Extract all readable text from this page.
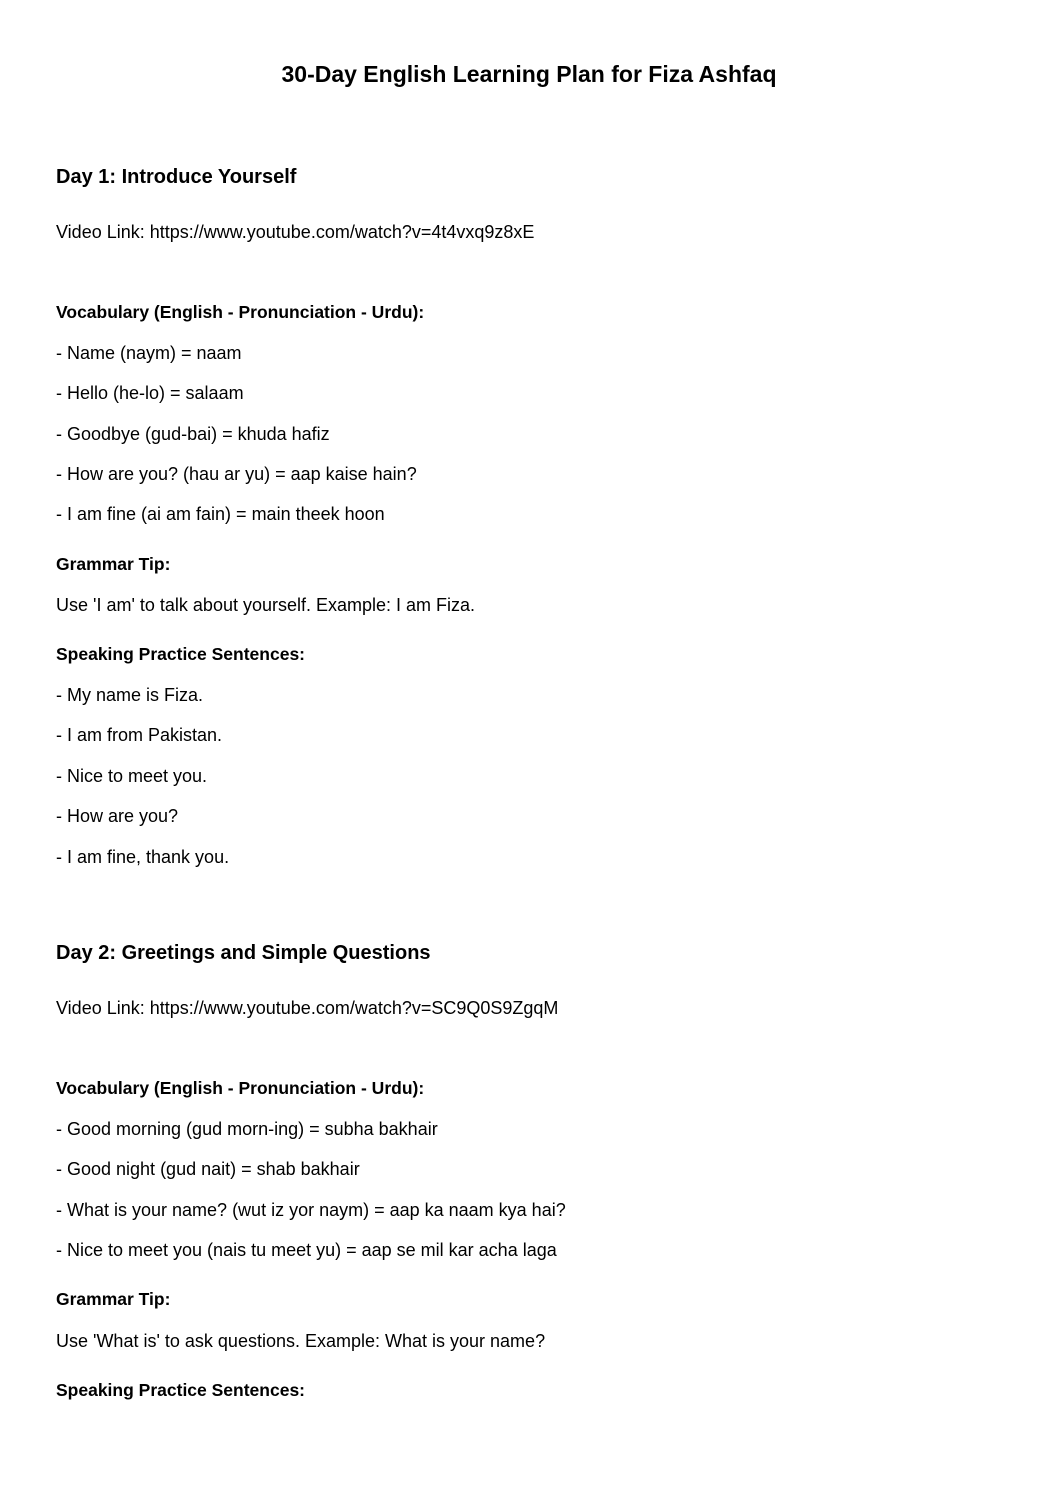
30-Day English Learning Plan for Fiza Ashfaq
Day 1: Introduce Yourself
Video Link: https://www.youtube.com/watch?v=4t4vxq9z8xE
Vocabulary (English - Pronunciation - Urdu):
- Name (naym) = naam
- Hello (he-lo) = salaam
- Goodbye (gud-bai) = khuda hafiz
- How are you? (hau ar yu) = aap kaise hain?
- I am fine (ai am fain) = main theek hoon
Grammar Tip:
Use 'I am' to talk about yourself. Example: I am Fiza.
Speaking Practice Sentences:
- My name is Fiza.
- I am from Pakistan.
- Nice to meet you.
- How are you?
- I am fine, thank you.
Day 2: Greetings and Simple Questions
Video Link: https://www.youtube.com/watch?v=SC9Q0S9ZgqM
Vocabulary (English - Pronunciation - Urdu):
- Good morning (gud morn-ing) = subha bakhair
- Good night (gud nait) = shab bakhair
- What is your name? (wut iz yor naym) = aap ka naam kya hai?
- Nice to meet you (nais tu meet yu) = aap se mil kar acha laga
Grammar Tip:
Use 'What is' to ask questions. Example: What is your name?
Speaking Practice Sentences:
